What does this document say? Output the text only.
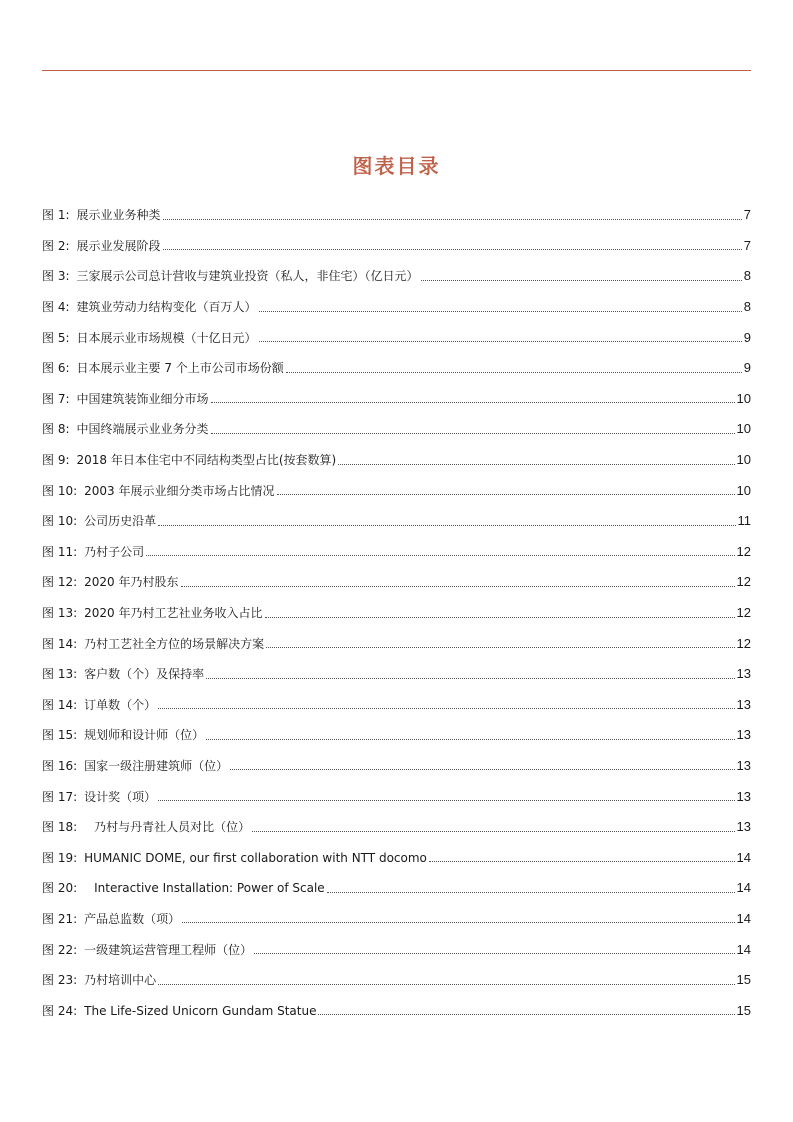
图表目录
图 1: 展示业业务种类	7
图 2: 展示业发展阶段	7
图 3: 三家展示公司总计营收与建筑业投资（私人，非住宅）（亿日元）	8
图 4: 建筑业劳动力结构变化（百万人）	8
图 5: 日本展示业市场规模（十亿日元）	9
图 6: 日本展示业主要 7 个上市公司市场份额	9
图 7: 中国建筑装饰业细分市场	10
图 8: 中国终端展示业业务分类	10
图 9: 2018 年日本住宅中不同结构类型占比(按套数算)	10
图 10: 2003 年展示业细分类市场占比情况	10
图 10: 公司历史沿革	11
图 11: 乃村子公司	12
图 12: 2020 年乃村股东	12
图 13: 2020 年乃村工艺社业务收入占比	12
图 14: 乃村工艺社全方位的场景解决方案	12
图 13: 客户数（个）及保持率	13
图 14: 订单数（个）	13
图 15: 规划师和设计师（位）	13
图 16: 国家一级注册建筑师（位）	13
图 17: 设计奖（项）	13
图 18:	乃村与丹青社人员对比（位）	13
图 19: HUMANIC DOME, our first collaboration with NTT docomo	14
图 20:	Interactive Installation: Power of Scale	14
图 21: 产品总监数（项）	14
图 22: 一级建筑运营管理工程师（位）	14
图 23: 乃村培训中心	15
图 24: The Life-Sized Unicorn Gundam Statue	15
